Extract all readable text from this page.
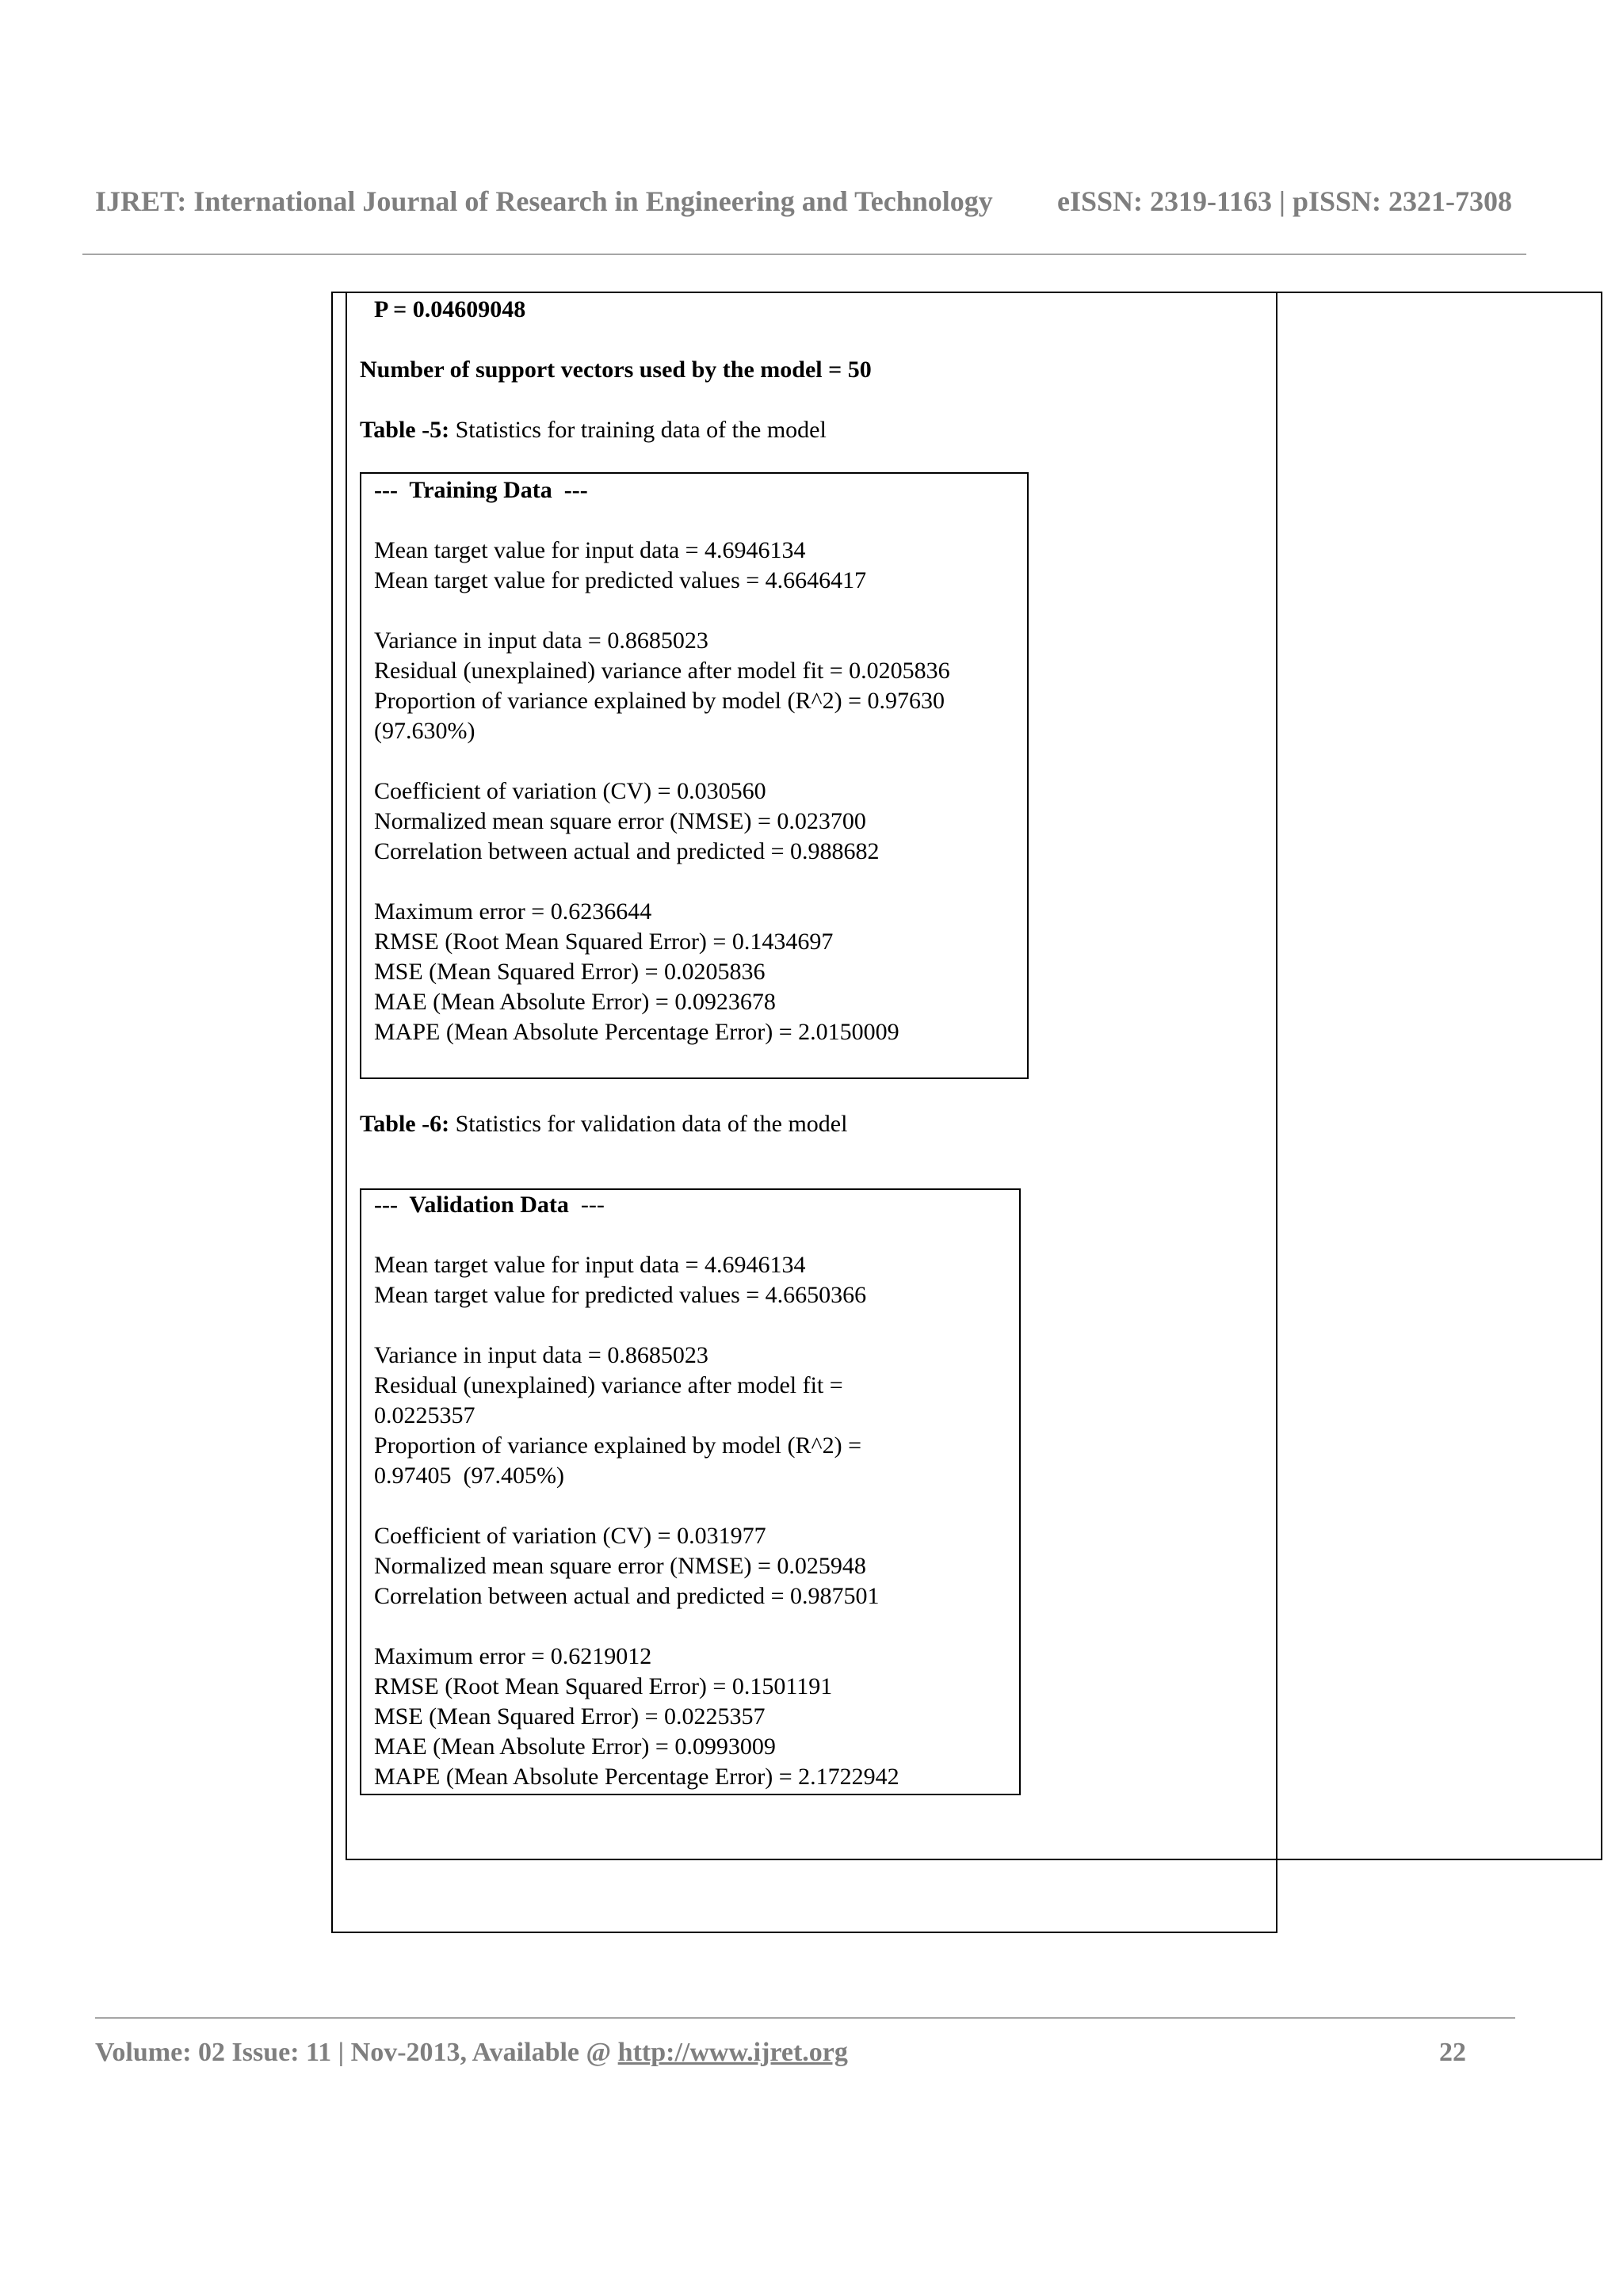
IJRET: International Journal of Research in Engineering and Technology eISSN: 2319-1163 | pISSN: 2321-7308
P = 0.04609048
Number of support vectors used by the model = 50
Table -5: Statistics for training data of the model
---  Training Data  ---
Mean target value for input data = 4.6946134
Mean target value for predicted values = 4.6646417
Variance in input data = 0.8685023
Residual (unexplained) variance after model fit = 0.0205836
Proportion of variance explained by model (R^2) = 0.97630
(97.630%)
Coefficient of variation (CV) = 0.030560
Normalized mean square error (NMSE) = 0.023700
Correlation between actual and predicted = 0.988682
Maximum error = 0.6236644
RMSE (Root Mean Squared Error) = 0.1434697
MSE (Mean Squared Error) = 0.0205836
MAE (Mean Absolute Error) = 0.0923678
MAPE (Mean Absolute Percentage Error) = 2.0150009
Table -6: Statistics for validation data of the model
---  Validation Data  ---
Mean target value for input data = 4.6946134
Mean target value for predicted values = 4.6650366
Variance in input data = 0.8685023
Residual (unexplained) variance after model fit =
0.0225357
Proportion of variance explained by model (R^2) =
0.97405  (97.405%)
Coefficient of variation (CV) = 0.031977
Normalized mean square error (NMSE) = 0.025948
Correlation between actual and predicted = 0.987501
Maximum error = 0.6219012
RMSE (Root Mean Squared Error) = 0.1501191
MSE (Mean Squared Error) = 0.0225357
MAE (Mean Absolute Error) = 0.0993009
MAPE (Mean Absolute Percentage Error) = 2.1722942
Volume: 02 Issue: 11 | Nov-2013, Available @ http://www.ijret.org	22
